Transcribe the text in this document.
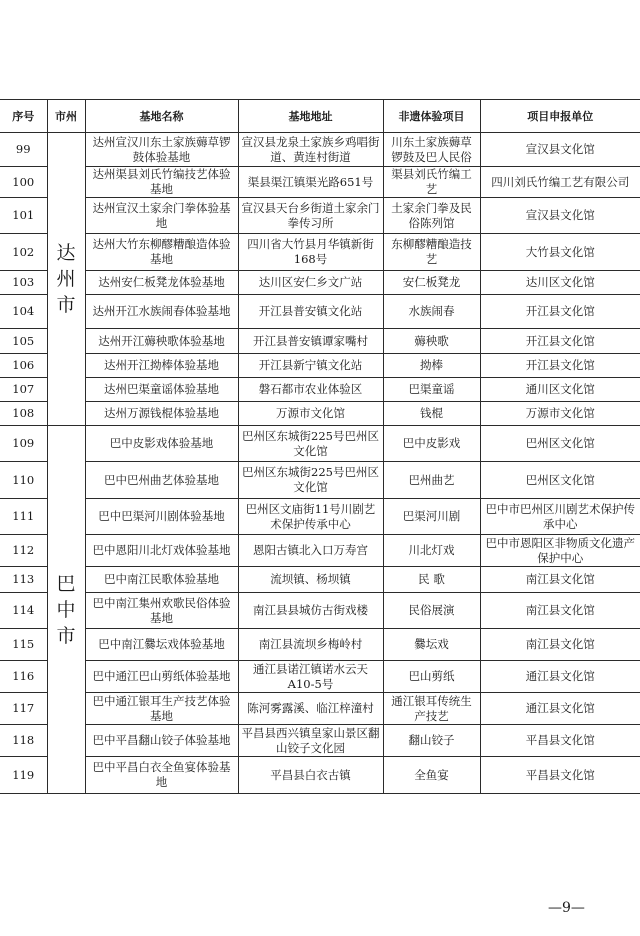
序号	市州	基地名称	基地地址	非遗体验项目	项目申报单位
99	达州市	达州宣汉川东土家族薅草锣鼓体验基地	宣汉县龙泉土家族乡鸡唱街道、黄连村街道	川东土家族薅草锣鼓及巴人民俗	宣汉县文化馆
100		达州渠县刘氏竹编技艺体验基地	渠县渠江镇渠光路651号	渠县刘氏竹编工艺	四川刘氏竹编工艺有限公司
101		达州宣汉土家余门拳体验基地	宣汉县天台乡街道土家余门拳传习所	土家余门拳及民俗陈列馆	宣汉县文化馆
102		达州大竹东柳醪糟酿造体验基地	四川省大竹县月华镇新街168号	东柳醪糟酿造技艺	大竹县文化馆
103		达州安仁板凳龙体验基地	达川区安仁乡文广站	安仁板凳龙	达川区文化馆
104		达州开江水族闹春体验基地	开江县普安镇文化站	水族闹春	开江县文化馆
105		达州开江薅秧歌体验基地	开江县普安镇谭家嘴村	薅秧歌	开江县文化馆
106		达州开江拗棒体验基地	开江县新宁镇文化站	拗棒	开江县文化馆
107		达州巴渠童谣体验基地	磐石都市农业体验区	巴渠童谣	通川区文化馆
108		达州万源钱棍体验基地	万源市文化馆	钱棍	万源市文化馆
109	巴中市	巴中皮影戏体验基地	巴州区东城街225号巴州区文化馆	巴中皮影戏	巴州区文化馆
110		巴中巴州曲艺体验基地	巴州区东城街225号巴州区文化馆	巴州曲艺	巴州区文化馆
111		巴中巴渠河川剧体验基地	巴州区文庙街11号川剧艺术保护传承中心	巴渠河川剧	巴中市巴州区川剧艺术保护传承中心
112		巴中恩阳川北灯戏体验基地	恩阳古镇北入口万寿宫	川北灯戏	巴中市恩阳区非物质文化遗产保护中心
113		巴中南江民歌体验基地	流坝镇、杨坝镇	民 歌	南江县文化馆
114		巴中南江集州欢歌民俗体验基地	南江县县城仿古街戏楼	民俗展演	南江县文化馆
115		巴中南江爨坛戏体验基地	南江县流坝乡梅岭村	爨坛戏	南江县文化馆
116		巴中通江巴山剪纸体验基地	通江县诺江镇诺水云天A10-5号	巴山剪纸	通江县文化馆
117		巴中通江银耳生产技艺体验基地	陈河雾露溪、临江梓潼村	通江银耳传统生产技艺	通江县文化馆
118		巴中平昌翻山铰子体验基地	平昌县西兴镇皇家山景区翻山铰子文化园	翻山铰子	平昌县文化馆
119		巴中平昌白衣全鱼宴体验基地	平昌县白衣古镇	全鱼宴	平昌县文化馆
—9—
